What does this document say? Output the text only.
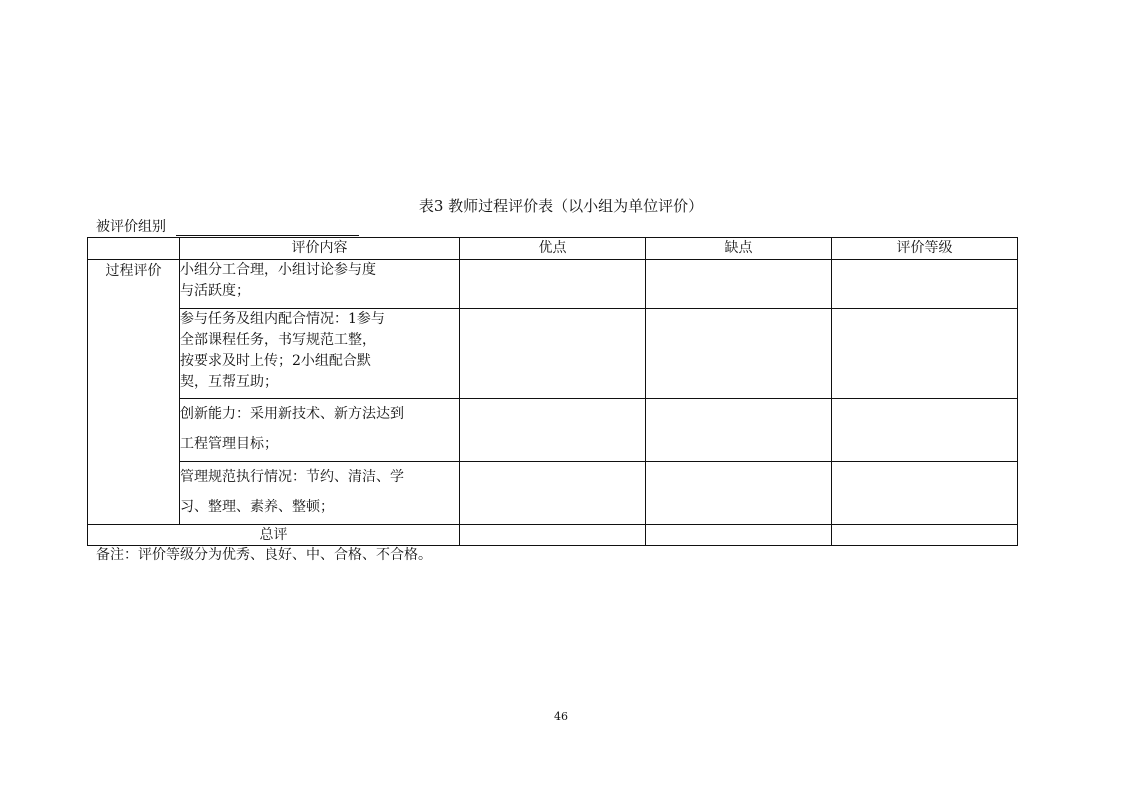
表3 教师过程评价表（以小组为单位评价）
被评价组别
	评价内容	优点	缺点	评价等级
过程评价	小组分工合理，小组讨论参与度
与活跃度；			

	参与任务及组内配合情况：1参与
全部课程任务，书写规范工整，
按要求及时上传；2小组配合默
契，互帮互助；			

	创新能力：采用新技术、新方法达到
工程管理目标；			

	管理规范执行情况：节约、清洁、学
习、整理、素养、整顿；			

总评				
备注：评价等级分为优秀、良好、中、合格、不合格。
46
